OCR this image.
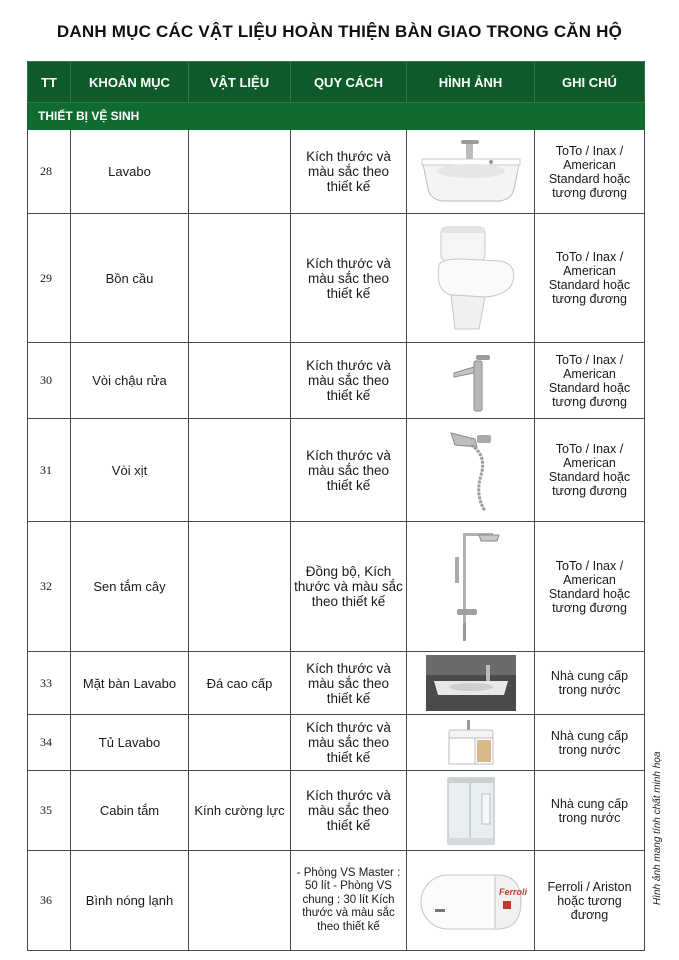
DANH MỤC CÁC VẬT LIỆU HOÀN THIỆN BÀN GIAO TRONG CĂN HỘ
TT	KHOẢN MỤC	VẬT LIỆU	QUY CÁCH	HÌNH ẢNH	GHI CHÚ
THIẾT BỊ VỆ SINH					
28	Lavabo		Kích thước và màu sắc theo thiết kế		ToTo / Inax / American Standard hoặc tương đương
29	Bồn cầu		Kích thước và màu sắc theo thiết kế		ToTo / Inax / American Standard hoặc tương đương
30	Vòi chậu rửa		Kích thước và màu sắc theo thiết kế		ToTo / Inax / American Standard hoặc tương đương
31	Vòi xịt		Kích thước và màu sắc theo thiết kế		ToTo / Inax / American Standard hoặc tương đương
32	Sen tắm cây		Đồng bộ, Kích thước và màu sắc theo thiết kế		ToTo / Inax / American Standard hoặc tương đương
33	Mặt bàn Lavabo	Đá cao cấp	Kích thước và màu sắc theo thiết kế		Nhà cung cấp trong nước
34	Tủ Lavabo		Kích thước và màu sắc theo thiết kế		Nhà cung cấp trong nước
35	Cabin tắm	Kính cường lực	Kích thước và màu sắc theo thiết kế		Nhà cung cấp trong nước
36	Bình nóng lạnh		- Phòng VS Master : 50 lít - Phòng VS chung : 30 lít Kích thước và màu sắc theo thiết kế	Ferroli	Ferroli / Ariston hoặc tương đương
Hình ảnh mang tính chất minh họa
